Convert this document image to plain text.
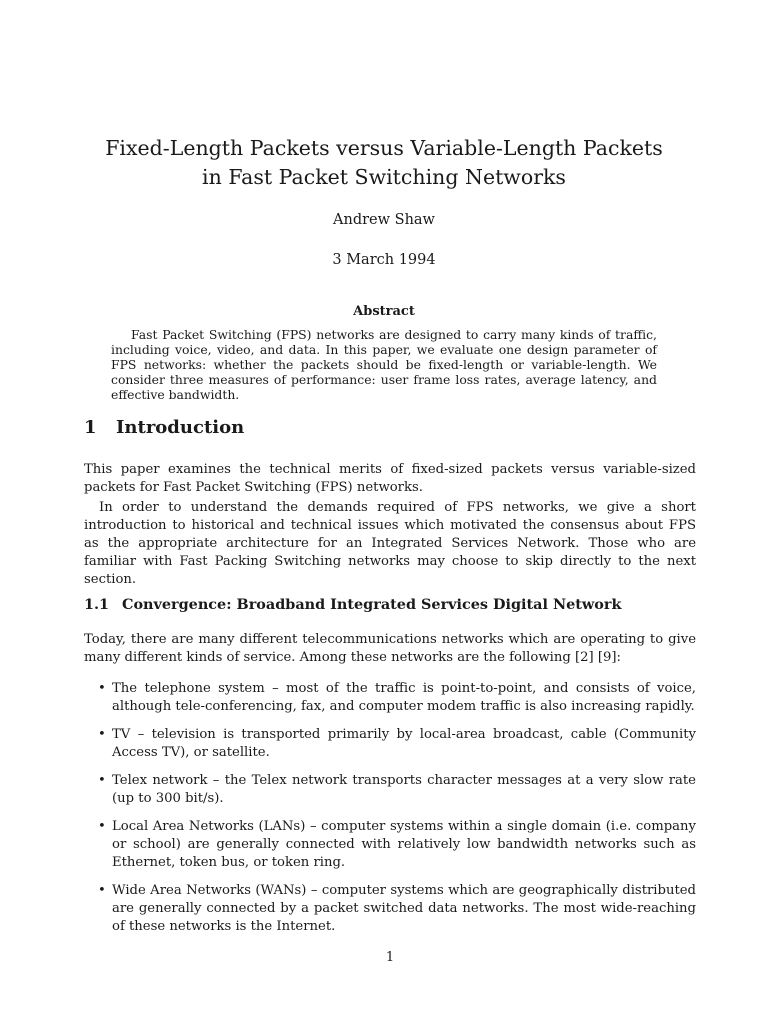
Fixed-Length Packets versus Variable-Length Packets
in Fast Packet Switching Networks
Andrew Shaw
3 March 1994
Abstract

Fast Packet Switching (FPS) networks are designed to carry many kinds of traffic, including voice, video, and data. In this paper, we evaluate one design parameter of FPS networks: whether the packets should be fixed-length or variable-length. We consider three measures of performance: user frame loss rates, average latency, and effective bandwidth.

1 Introduction

This paper examines the technical merits of fixed-sized packets versus variable-sized packets for Fast Packet Switching (FPS) networks.

In order to understand the demands required of FPS networks, we give a short introduction to historical and technical issues which motivated the consensus about FPS as the appropriate architecture for an Integrated Services Network. Those who are familiar with Fast Packing Switching networks may choose to skip directly to the next section.

1.1 Convergence: Broadband Integrated Services Digital Network

Today, there are many different telecommunications networks which are operating to give many different kinds of service. Among these networks are the following [2] [9]:

• The telephone system – most of the traffic is point-to-point, and consists of voice, although tele-conferencing, fax, and computer modem traffic is also increasing rapidly.
• TV – television is transported primarily by local-area broadcast, cable (Community Access TV), or satellite.
• Telex network – the Telex network transports character messages at a very slow rate (up to 300 bit/s).
• Local Area Networks (LANs) – computer systems within a single domain (i.e. company or school) are generally connected with relatively low bandwidth networks such as Ethernet, token bus, or token ring.
• Wide Area Networks (WANs) – computer systems which are geographically distributed are generally connected by a packet switched data networks. The most wide-reaching of these networks is the Internet.
1
